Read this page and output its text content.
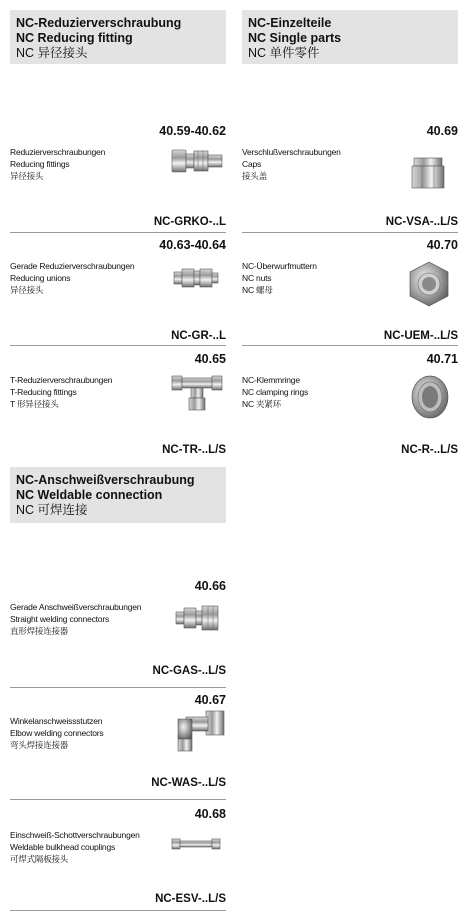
NC-Reduzierverschraubung
NC Reducing fitting
NC 异径接头
40.59-40.62
Reduzierverschraubungen
Reducing fittings
异径接头
NC-GRKO-..L
40.63-40.64
Gerade Reduzierverschraubungen
Reducing unions
异径接头
NC-GR-..L
40.65
T-Reduzierverschraubungen
T-Reducing fittings
T 形异径接头
NC-TR-..L/S
NC-Einzelteile
NC Single parts
NC 单件零件
40.69
Verschlußverschraubungen
Caps
接头盖
NC-VSA-..L/S
40.70
NC-Überwurfmuttern
NC nuts
NC 螺母
NC-UEM-..L/S
40.71
NC-Klemmringe
NC clamping rings
NC 夹紧环
NC-R-..L/S
NC-Anschweißverschraubung
NC Weldable connection
NC 可焊连接
40.66
Gerade Anschweißverschraubungen
Straight welding connectors
直形焊接连接器
NC-GAS-..L/S
40.67
Winkelanschweissstutzen
Elbow welding connectors
弯头焊接连接器
NC-WAS-..L/S
40.68
Einschweiß-Schottverschraubungen
Weldable bulkhead couplings
可焊式隔板接头
NC-ESV-..L/S
